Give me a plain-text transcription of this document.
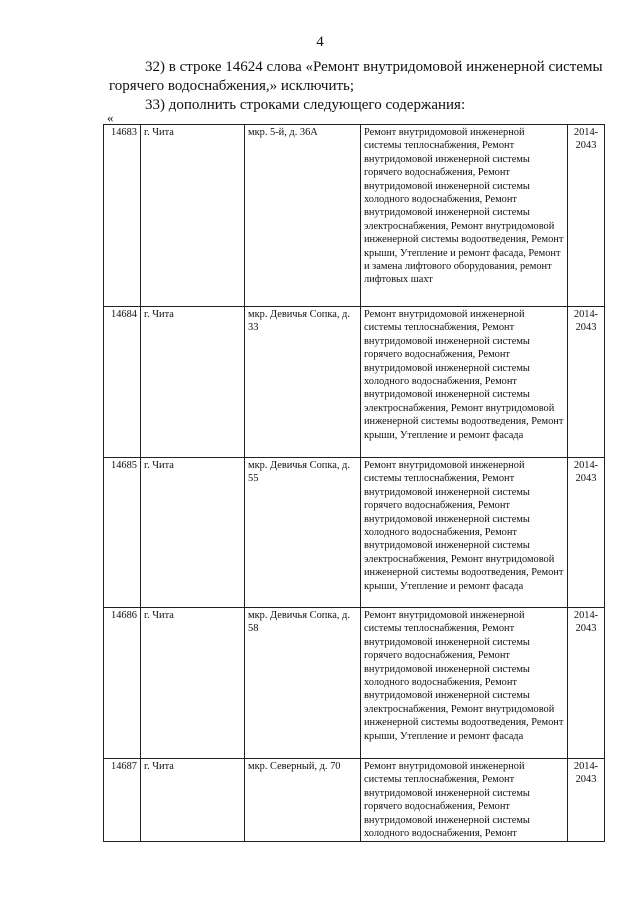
4
32) в строке 14624 слова «Ремонт внутридомовой инженерной системы горячего водоснабжения,» исключить;
33) дополнить строками следующего содержания:
«
14683	г. Чита	мкр. 5-й, д. 36А	Ремонт внутридомовой инженерной системы теплоснабжения, Ремонт внутридомовой инженерной системы горячего водоснабжения, Ремонт внутридомовой инженерной системы холодного водоснабжения, Ремонт внутридомовой инженерной системы электроснабжения, Ремонт внутридомовой инженерной системы водоотведения, Ремонт крыши, Утепление и ремонт фасада, Ремонт и замена лифтового оборудования, ремонт лифтовых шахт	2014-
2043

14684	г. Чита	мкр. Девичья Сопка, д. 33	Ремонт внутридомовой инженерной системы теплоснабжения, Ремонт внутридомовой инженерной системы горячего водоснабжения, Ремонт внутридомовой инженерной системы холодного водоснабжения, Ремонт внутридомовой инженерной системы электроснабжения, Ремонт внутридомовой инженерной системы водоотведения, Ремонт крыши, Утепление и ремонт фасада	2014-
2043

14685	г. Чита	мкр. Девичья Сопка, д. 55	Ремонт внутридомовой инженерной системы теплоснабжения, Ремонт внутридомовой инженерной системы горячего водоснабжения, Ремонт внутридомовой инженерной системы холодного водоснабжения, Ремонт внутридомовой инженерной системы электроснабжения, Ремонт внутридомовой инженерной системы водоотведения, Ремонт крыши, Утепление и ремонт фасада	2014-
2043

14686	г. Чита	мкр. Девичья Сопка, д. 58	Ремонт внутридомовой инженерной системы теплоснабжения, Ремонт внутридомовой инженерной системы горячего водоснабжения, Ремонт внутридомовой инженерной системы холодного водоснабжения, Ремонт внутридомовой инженерной системы электроснабжения, Ремонт внутридомовой инженерной системы водоотведения, Ремонт крыши, Утепление и ремонт фасада	2014-
2043

14687	г. Чита	мкр. Северный, д. 70	Ремонт внутридомовой инженерной системы теплоснабжения, Ремонт внутридомовой инженерной системы горячего водоснабжения, Ремонт внутридомовой инженерной системы холодного водоснабжения, Ремонт	2014-
2043
